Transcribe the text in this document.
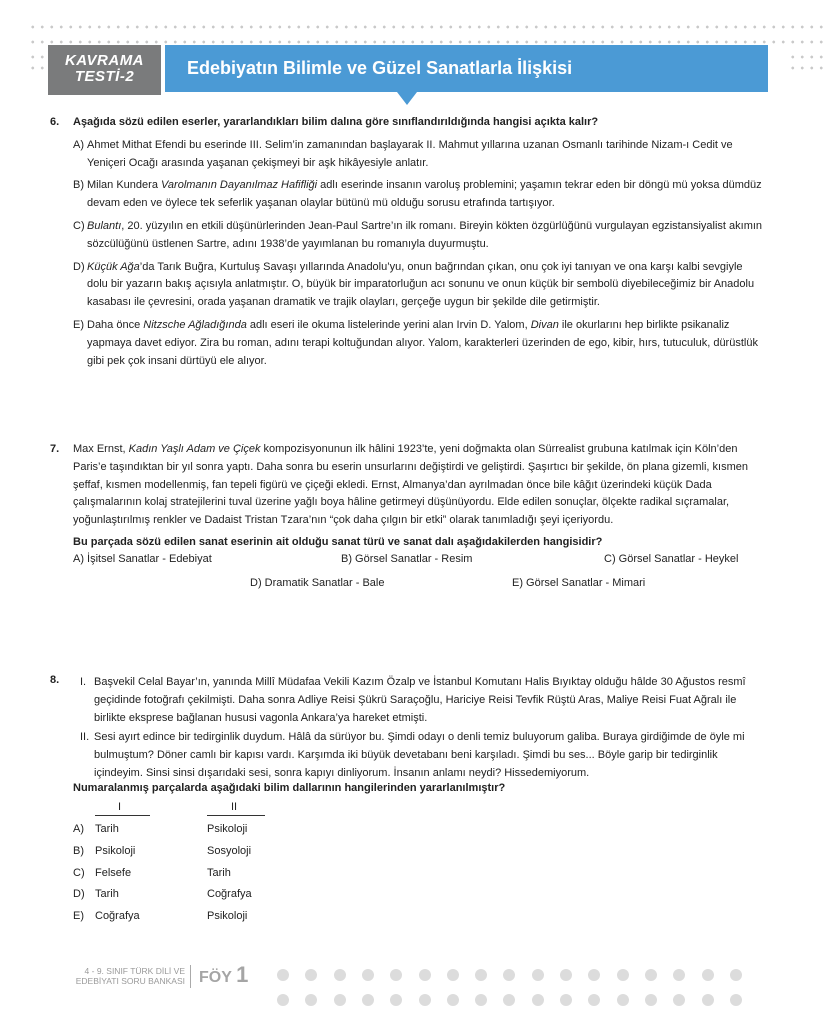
KAVRAMA
TESTİ-2	Edebiyatın Bilimle ve Güzel Sanatlarla İlişkisi
6. Aşağıda sözü edilen eserler, yararlandıkları bilim dalına göre sınıflandırıldığında hangisi açıkta kalır?
A) Ahmet Mithat Efendi bu eserinde III. Selim’in zamanından başlayarak II. Mahmut yıllarına uzanan Osmanlı tarihinde Nizam-ı Cedit ve Yeniçeri Ocağı arasında yaşanan çekişmeyi bir aşk hikâyesiyle anlatır.
B) Milan Kundera Varolmanın Dayanılmaz Hafifliği adlı eserinde insanın varoluş problemini; yaşamın tekrar eden bir döngü mü yoksa dümdüz devam eden ve öylece tek seferlik yaşanan olaylar bütünü mü olduğu sorusu etrafında tartışıyor.
C) Bulantı, 20. yüzyılın en etkili düşünürlerinden Jean-Paul Sartre’ın ilk romanı. Bireyin kökten özgürlüğünü vurgulayan egzistansiyalist akımın sözcülüğünü üstlenen Sartre, adını 1938’de yayımlanan bu romanıyla duyurmuştu.
D) Küçük Ağa’da Tarık Buğra, Kurtuluş Savaşı yıllarında Anadolu’yu, onun bağrından çıkan, onu çok iyi tanıyan ve ona karşı kalbi sevgiyle dolu bir yazarın bakış açısıyla anlatmıştır. O, büyük bir imparatorluğun acı sonunu ve onun küçük bir sembolü diyebileceğimiz bir Anadolu kasabası ile çevresini, orada yaşanan dramatik ve trajik olayları, gerçeğe uygun bir şekilde dile getirmiştir.
E) Daha önce Nitzsche Ağladığında adlı eseri ile okuma listelerinde yerini alan Irvin D. Yalom, Divan ile okurlarını hep birlikte psikanaliz yapmaya davet ediyor. Zira bu roman, adını terapi koltuğundan alıyor. Yalom, karakterleri üzerinden de ego, kibir, hırs, tutuculuk, dürüstlük gibi pek çok insani dürtüyü ele alıyor.
7. Max Ernst, Kadın Yaşlı Adam ve Çiçek kompozisyonunun ilk hâlini 1923’te, yeni doğmakta olan Sürrealist grubuna katılmak için Köln’den Paris’e taşındıktan bir yıl sonra yaptı. Daha sonra bu eserin unsurlarını değiştirdi ve geliştirdi. Şaşırtıcı bir şekilde, ön plana gizemli, kısmen şeffaf, kısmen modellenmiş, fan tepeli figürü ve çiçeği ekledi. Ernst, Almanya’dan ayrılmadan önce bile kâğıt üzerindeki küçük Dada çalışmalarının kolaj stratejilerini tuval üzerine yağlı boya hâline getirmeyi düşünüyordu. Elde edilen sonuçlar, ölçekte radikal sıçramalar, yoğunlaştırılmış renkler ve Dadaist Tristan Tzara’nın “çok daha çılgın bir etki” olarak tanımladığı şeyi içeriyordu.
Bu parçada sözü edilen sanat eserinin ait olduğu sanat türü ve sanat dalı aşağıdakilerden hangisidir?
A) İşitsel Sanatlar - Edebiyat	B) Görsel Sanatlar - Resim	C) Görsel Sanatlar - Heykel
D) Dramatik Sanatlar - Bale	E) Görsel Sanatlar - Mimari
8. I. Başvekil Celal Bayar’ın, yanında Millî Müdafaa Vekili Kazım Özalp ve İstanbul Komutanı Halis Bıyıktay olduğu hâlde 30 Ağustos resmî geçidinde fotoğrafı çekilmişti. Daha sonra Adliye Reisi Şükrü Saraçoğlu, Hariciye Reisi Tevfik Rüştü Aras, Maliye Reisi Fuat Ağralı ile birlikte eksprese bağlanan hususi vagonla Ankara’ya hareket etmişti.
II. Sesi ayırt edince bir tedirginlik duydum. Hâlâ da sürüyor bu. Şimdi odayı o denli temiz buluyorum galiba. Buraya girdiğimde de öyle mi bulmuştum? Döner camlı bir kapısı vardı. Karşımda iki büyük devetabanı beni karşıladı. Şimdi bu ses... Böyle garip bir tedirginlik içindeyim. Sinsi sinsi dışarıdaki sesi, sonra kapıyı dinliyorum. İnsanın anlamı neydi? Hissedemiyorum.
Numaralanmış parçalarda aşağıdaki bilim dallarının hangilerinden yararlanılmıştır?
I	II
A) Tarih	Psikoloji
B) Psikoloji	Sosyoloji
C) Felsefe	Tarih
D) Tarih	Coğrafya
E) Coğrafya	Psikoloji
4 - 9. SINIF TÜRK DİLİ VE
EDEBİYATI SORU BANKASI FÖY 1
